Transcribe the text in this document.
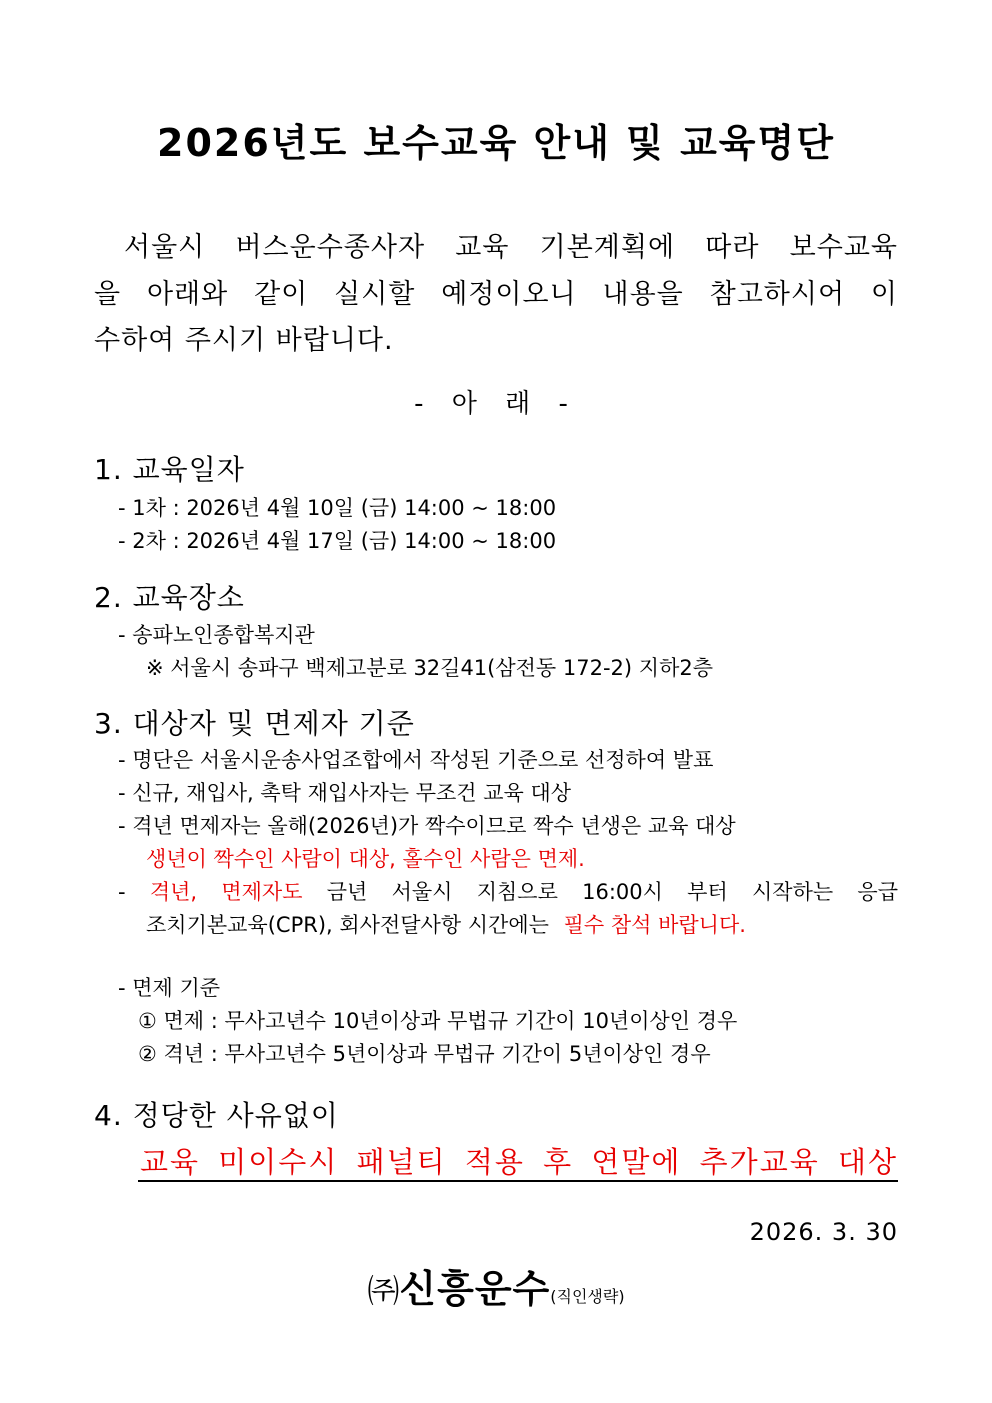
2026년도 보수교육 안내 및 교육명단
서울시 버스운수종사자 교육 기본계획에 따라 보수교육
을 아래와 같이 실시할 예정이오니 내용을 참고하시어 이
수하여 주시기 바랍니다.
- 아 래 -
1. 교육일자
- 1차 : 2026년 4월 10일 (금) 14:00 ~ 18:00
- 2차 : 2026년 4월 17일 (금) 14:00 ~ 18:00
2. 교육장소
- 송파노인종합복지관
※ 서울시 송파구 백제고분로 32길41(삼전동 172-2) 지하2층
3. 대상자 및 면제자 기준
- 명단은 서울시운송사업조합에서 작성된 기준으로 선정하여 발표
- 신규, 재입사, 촉탁 재입사자는 무조건 교육 대상
- 격년 면제자는 올해(2026년)가 짝수이므로 짝수 년생은 교육 대상
생년이 짝수인 사람이 대상, 홀수인 사람은 면제.
- 격년, 면제자도 금년 서울시 지침으로 16:00시 부터 시작하는 응급
조치기본교육(CPR), 회사전달사항 시간에는 필수 참석 바랍니다.
- 면제 기준
① 면제 : 무사고년수 10년이상과 무법규 기간이 10년이상인 경우
② 격년 : 무사고년수 5년이상과 무법규 기간이 5년이상인 경우
4. 정당한 사유없이
교육 미이수시 패널티 적용 후 연말에 추가교육 대상
2026. 3. 30
㈜신흥운수(직인생략)
